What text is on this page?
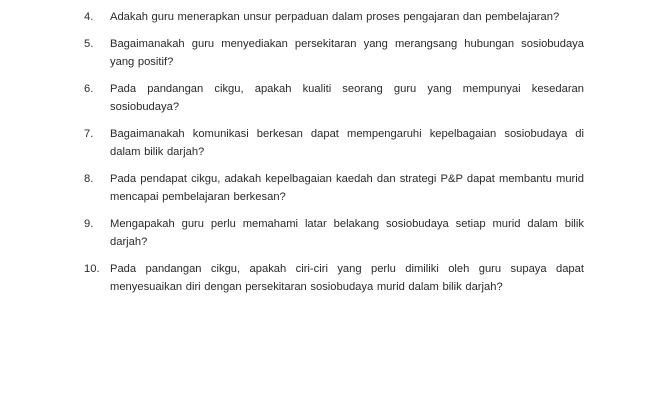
4.	Adakah guru menerapkan unsur perpaduan dalam proses pengajaran dan pembelajaran?
5.	Bagaimanakah guru menyediakan persekitaran yang merangsang hubungan sosiobudaya yang positif?
6.	Pada pandangan cikgu, apakah kualiti seorang guru yang mempunyai kesedaran sosiobudaya?
7.	Bagaimanakah komunikasi berkesan dapat mempengaruhi kepelbagaian sosiobudaya di dalam bilik darjah?
8.	Pada pendapat cikgu, adakah kepelbagaian kaedah dan strategi P&P dapat membantu murid mencapai pembelajaran berkesan?
9.	Mengapakah guru perlu memahami latar belakang sosiobudaya setiap murid dalam bilik darjah?
10. Pada pandangan cikgu, apakah ciri-ciri yang perlu dimiliki oleh guru supaya dapat menyesuaikan diri dengan persekitaran sosiobudaya murid dalam bilik darjah?
